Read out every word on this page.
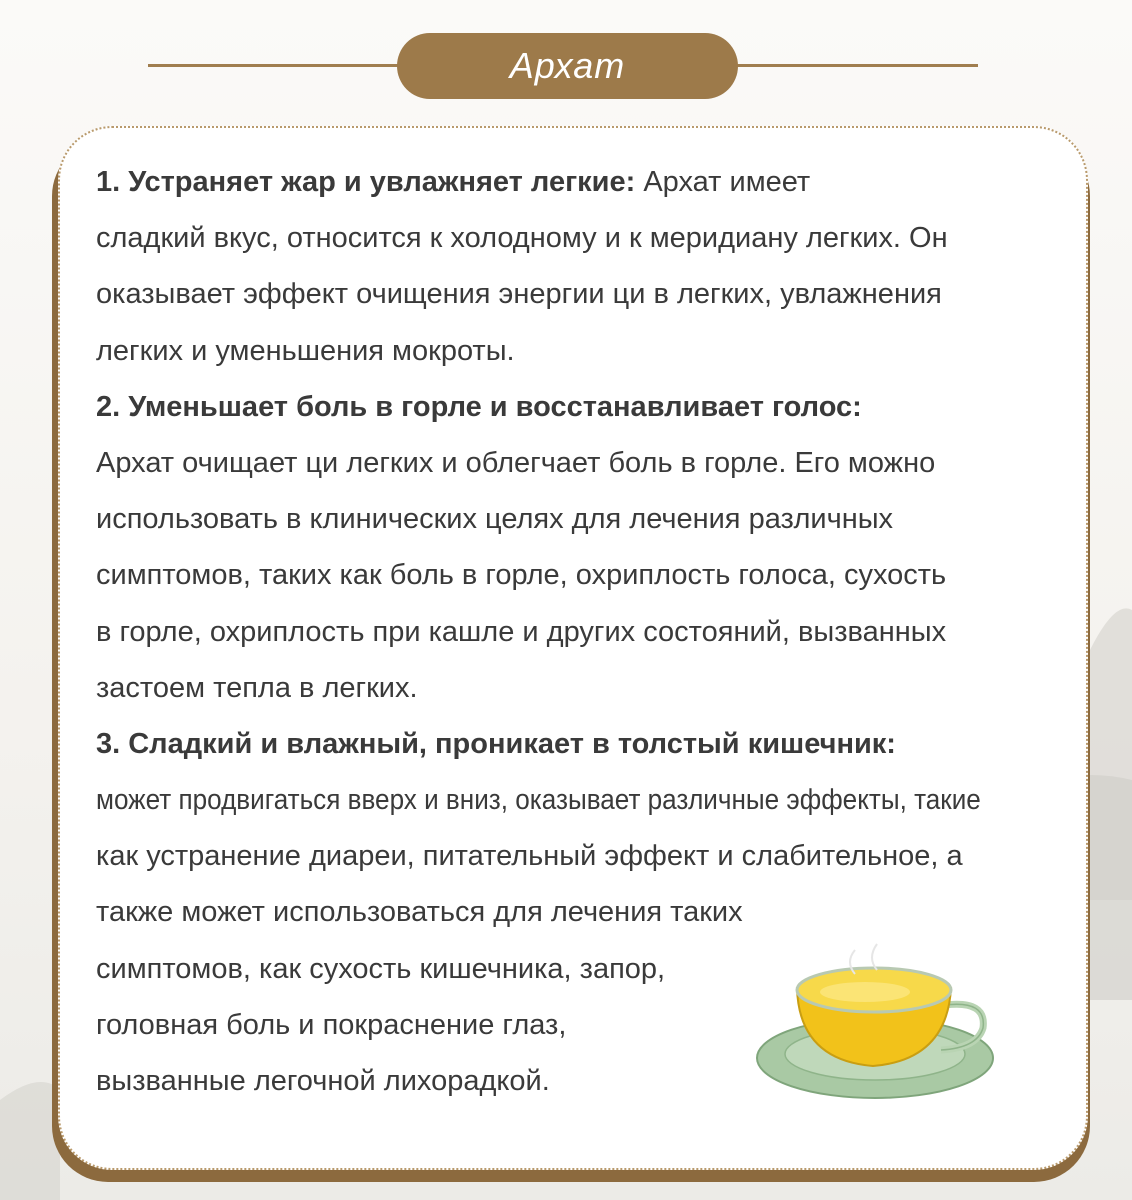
Архат
1. Устраняет жар и увлажняет легкие: Архат имеет
сладкий вкус, относится к холодному и к меридиану легких. Он
оказывает эффект очищения энергии ци в легких, увлажнения
легких и уменьшения мокроты.
2. Уменьшает боль в горле и восстанавливает голос:
Архат очищает ци легких и облегчает боль в горле. Его можно
использовать в клинических целях для лечения различных
симптомов, таких как боль в горле, охриплость голоса, сухость
в горле, охриплость при кашле и других состояний, вызванных
застоем тепла в легких.
3. Сладкий и влажный, проникает в толстый кишечник:
может продвигаться вверх и вниз, оказывает различные эффекты, такие
как устранение диареи, питательный эффект и слабительное, а
также может использоваться для лечения таких
симптомов, как сухость кишечника, запор,
головная боль и покраснение глаз,
вызванные легочной лихорадкой.
